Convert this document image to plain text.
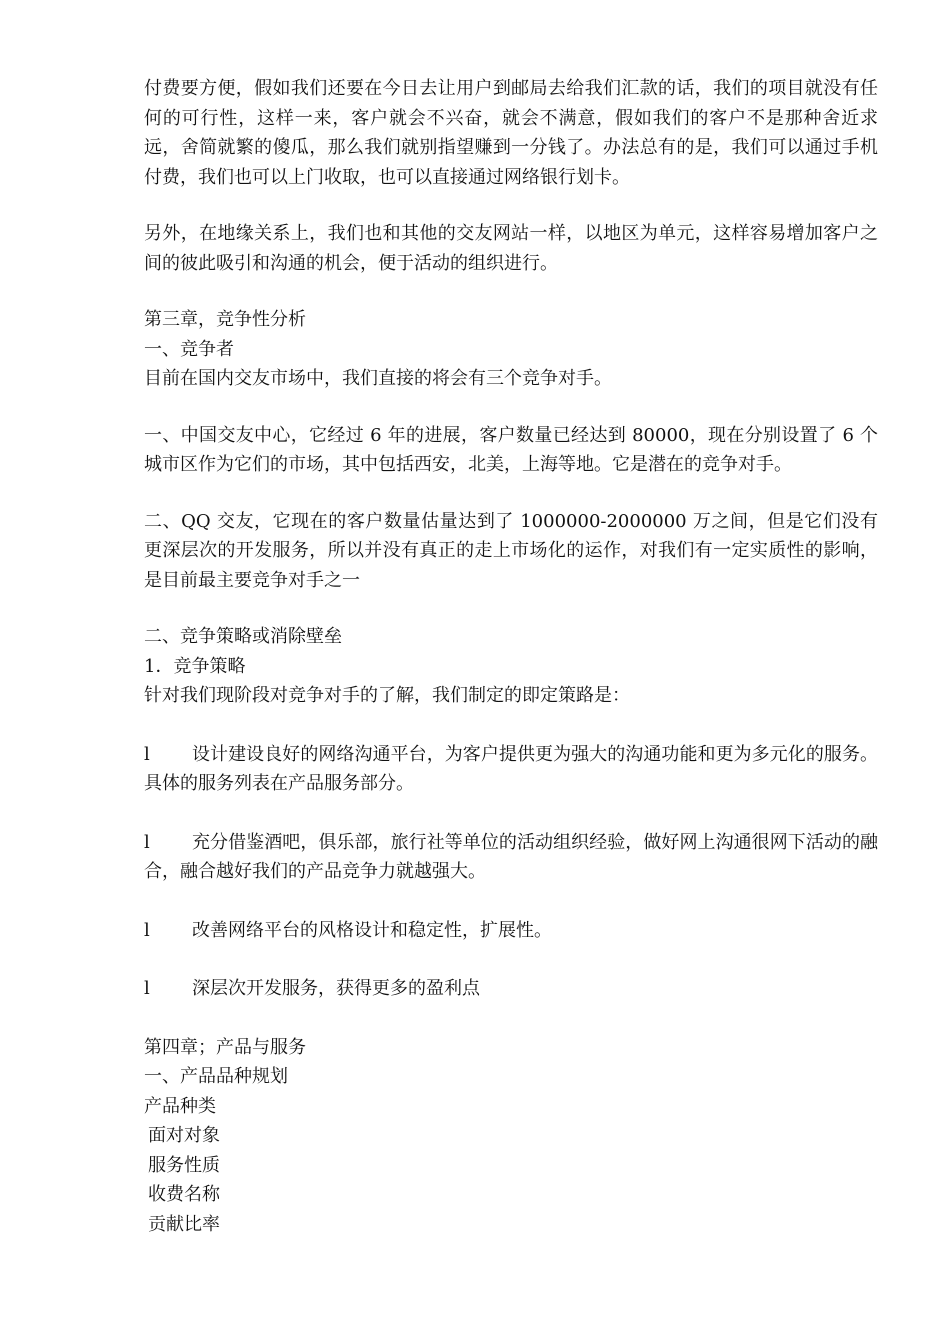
付费要方便，假如我们还要在今日去让用户到邮局去给我们汇款的话，我们的项目就没有任何的可行性，这样一来，客户就会不兴奋，就会不满意，假如我们的客户不是那种舍近求远，舍简就繁的傻瓜，那么我们就别指望赚到一分钱了。办法总有的是，我们可以通过手机付费，我们也可以上门收取，也可以直接通过网络银行划卡。

另外，在地缘关系上，我们也和其他的交友网站一样，以地区为单元，这样容易增加客户之间的彼此吸引和沟通的机会，便于活动的组织进行。

第三章，竞争性分析

一、竞争者

目前在国内交友市场中，我们直接的将会有三个竞争对手。

一、中国交友中心，它经过 6 年的进展，客户数量已经达到 80000，现在分别设置了 6 个城市区作为它们的市场，其中包括西安，北美，上海等地。它是潜在的竞争对手。

二、QQ 交友，它现在的客户数量估量达到了 1000000-2000000 万之间，但是它们没有更深层次的开发服务，所以并没有真正的走上市场化的运作，对我们有一定实质性的影响，是目前最主要竞争对手之一

二、竞争策略或消除壁垒

1．竞争策略

针对我们现阶段对竞争对手的了解，我们制定的即定策路是：

l	设计建设良好的网络沟通平台，为客户提供更为强大的沟通功能和更为多元化的服务。具体的服务列表在产品服务部分。
l	充分借鉴酒吧，俱乐部，旅行社等单位的活动组织经验，做好网上沟通很网下活动的融合，融合越好我们的产品竞争力就越强大。
l	改善网络平台的风格设计和稳定性，扩展性。
l	深层次开发服务，获得更多的盈利点

第四章；产品与服务

一、产品品种规划

产品种类

面对对象

服务性质

收费名称

贡献比率
